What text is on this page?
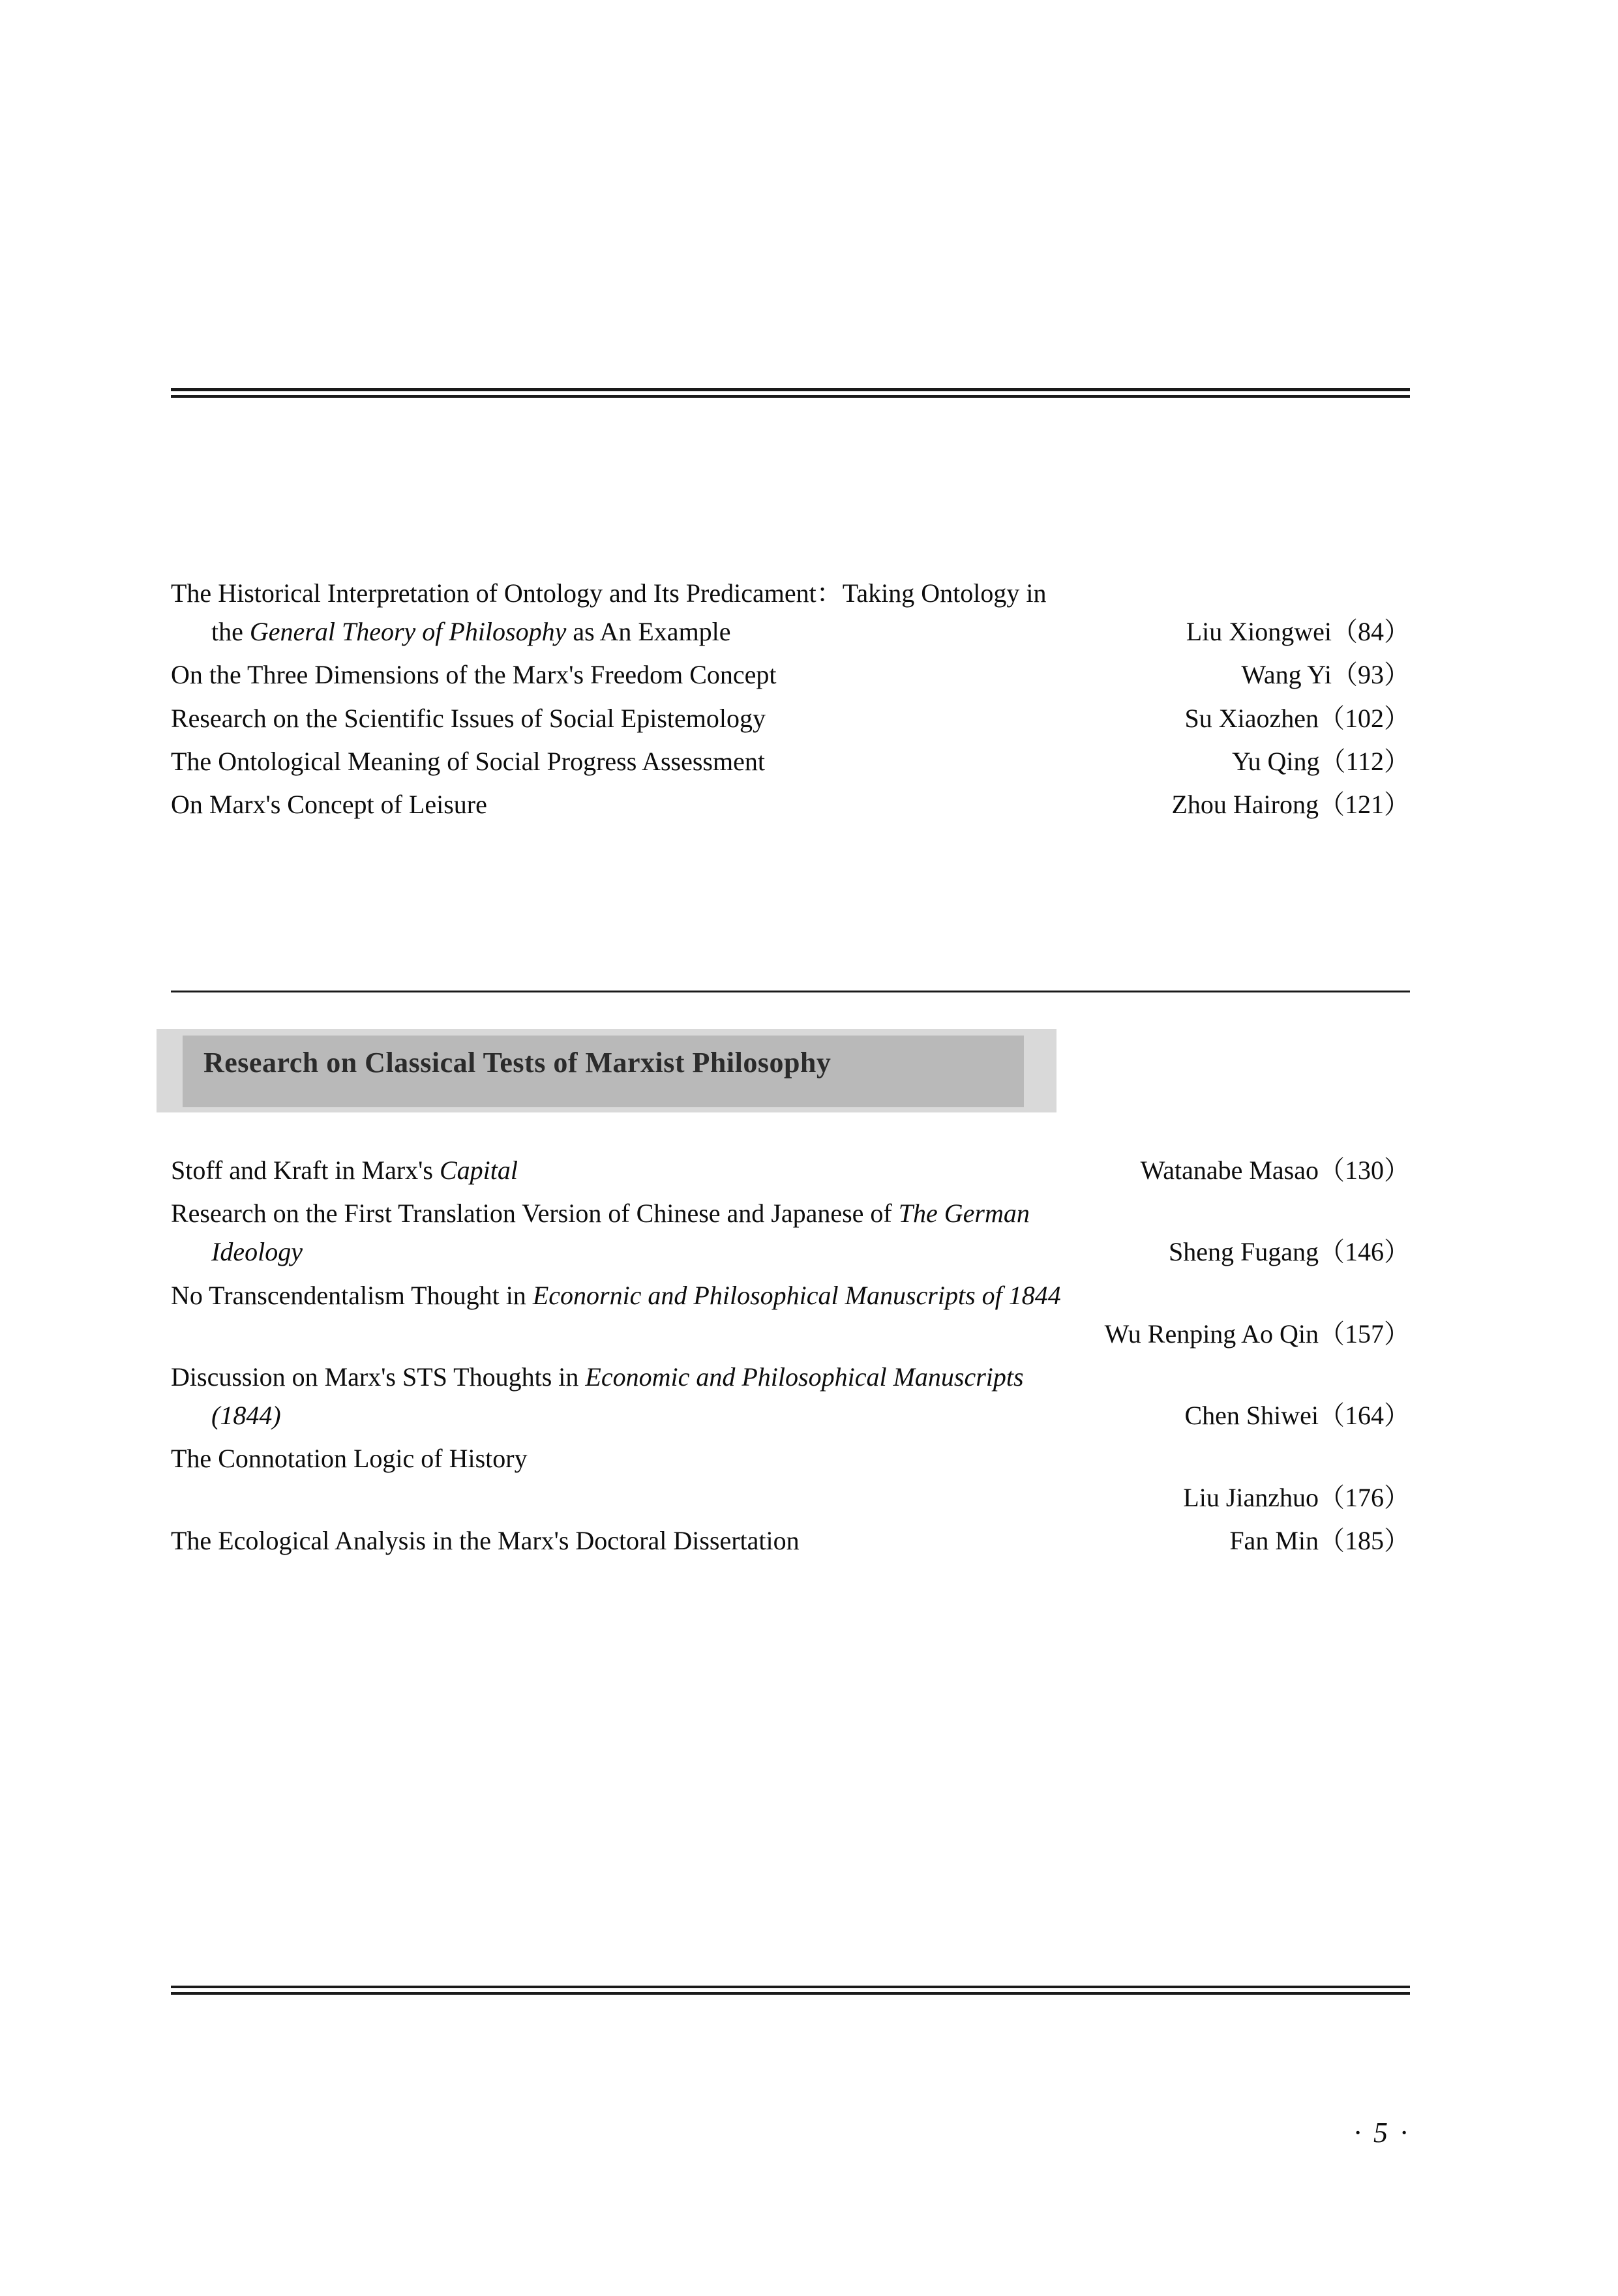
The Historical Interpretation of Ontology and Its Predicament：Taking Ontology in
the General Theory of Philosophy as An Example	Liu Xiongwei（84）
On the Three Dimensions of the Marx's Freedom Concept	Wang Yi（93）
Research on the Scientific Issues of Social Epistemology	Su Xiaozhen（102）
The Ontological Meaning of Social Progress Assessment	Yu Qing（112）
On Marx's Concept of Leisure	Zhou Hairong（121）
Research on Classical Tests of Marxist Philosophy
Stoff and Kraft in Marx's Capital	Watanabe Masao（130）
Research on the First Translation Version of Chinese and Japanese of The German
Ideology	Sheng Fugang（146）
No Transcendentalism Thought in Econornic and Philosophical Manuscripts of 1844
Wu Renping Ao Qin（157）
Discussion on Marx's STS Thoughts in Economic and Philosophical Manuscripts
(1844)	Chen Shiwei（164）
The Connotation Logic of History
Liu Jianzhuo（176）
The Ecological Analysis in the Marx's Doctoral Dissertation	Fan Min（185）
· 5 ·
